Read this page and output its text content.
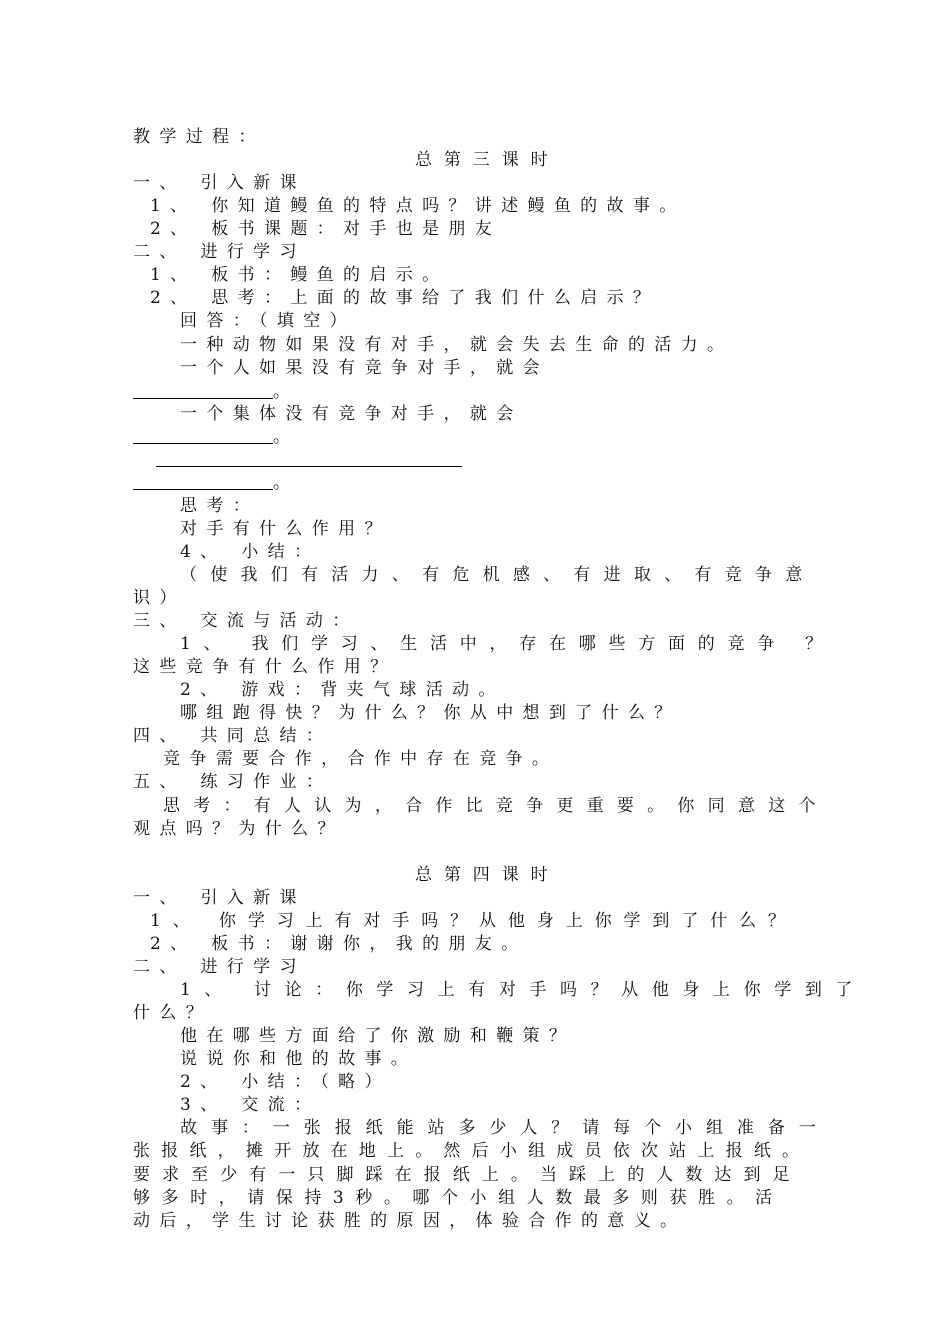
教学过程：
总第三课时
一、 引入新课
1、 你知道鳗鱼的特点吗？讲述鳗鱼的故事。
2、 板书课题：对手也是朋友
二、 进行学习
1、 板书：鳗鱼的启示。
2、 思考：上面的故事给了我们什么启示？
回答：（填空）
一种动物如果没有对手，就会失去生命的活力。
一个人如果没有竞争对手，就会
。
一个集体没有竞争对手，就会
。
。
思考：
对手有什么作用？
4、 小结：
（使我们有活力、有危机感、有进取、有竞争意
识）
三、 交流与活动：
1、 我们学习、生活中，存在哪些方面的竞争 ？
这些竞争有什么作用？
2、 游戏：背夹气球活动。
哪组跑得快？为什么？你从中想到了什么？
四、 共同总结：
竞争需要合作，合作中存在竞争。
五、 练习作业：
思考：有人认为，合作比竞争更重要。你同意这个
观点吗？为什么？
总第四课时
一、 引入新课
1、 你学习上有对手吗？从他身上你学到了什么？
2、 板书：谢谢你，我的朋友。
二、 进行学习
1、 讨论：你学习上有对手吗？从他身上你学到了
什么？
他在哪些方面给了你激励和鞭策？
说说你和他的故事。
2、 小结：（略）
3、 交流：
故事：一张报纸能站多少人？请每个小组准备一
张报纸，摊开放在地上。然后小组成员依次站上报纸。
要求至少有一只脚踩在报纸上。当踩上的人数达到足
够多时，请保持3秒。哪个小组人数最多则获胜。活
动后，学生讨论获胜的原因，体验合作的意义。
